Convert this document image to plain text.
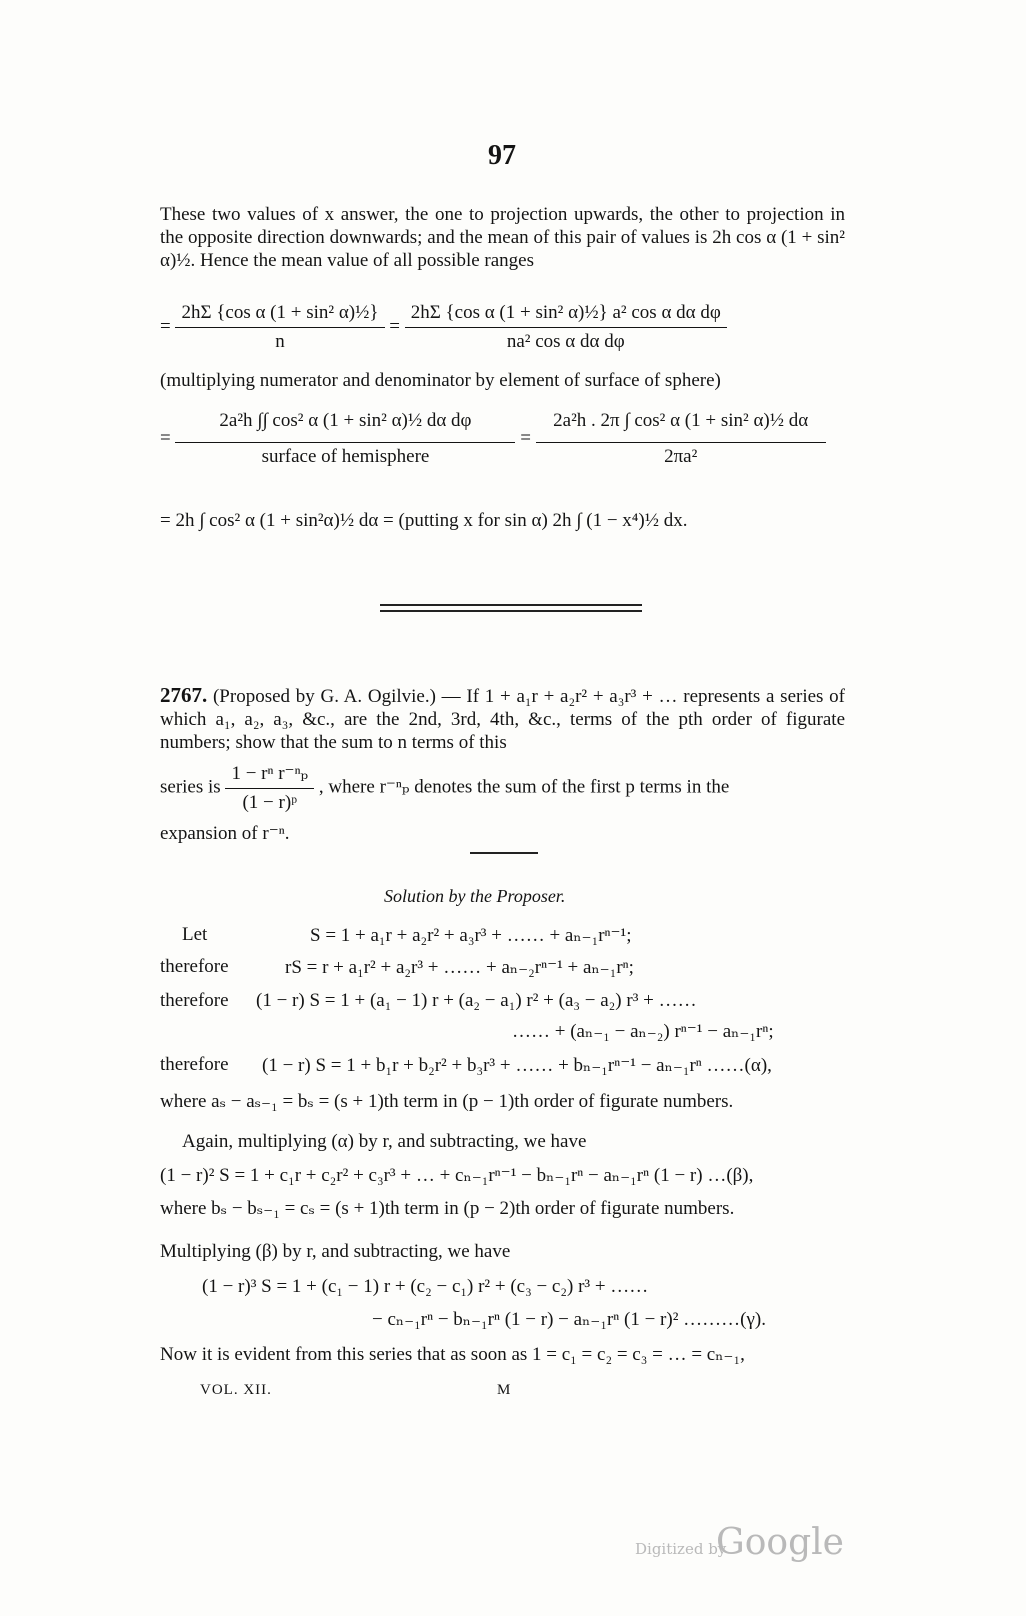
97
These two values of x answer, the one to projection upwards, the other to projection in the opposite direction downwards; and the mean of this pair of values is 2h cos α (1 + sin² α)½. Hence the mean value of all possible ranges
= $\frac{\text{2hΣ \{cos α (1 + sin² α)½\}}}{n} = \frac{\text{2hΣ \{cos α (1 + sin² α)½\} a² cos α dα dφ}}{\text{na² cos α dα dφ}}$
(multiplying numerator and denominator by element of surface of sphere)
= $\frac{\text{2a²h ∫∫ cos² α (1 + sin² α)½ dα dφ}}{\text{surface of hemisphere}} = \frac{\text{2a²h . 2π ∫ cos² α (1 + sin² α)½ dα}}{\text{2πa²}}$
= 2h ∫ cos² α (1 + sin²α)½ dα = (putting x for sin α) 2h ∫ (1 − x⁴)½ dx.
2767. (Proposed by G. A. Ogilvie.) — If 1 + a₁r + a₂r² + a₃r³ + … represents a series of which a₁, a₂, a₃, &c., are the 2nd, 3rd, 4th, &c., terms of the pth order of figurate numbers; show that the sum to n terms of this
series is $\frac{\text{1 − rⁿ r⁻ⁿₚ}}{\text{(1 − r)ᵖ}}$ , where r⁻ⁿₚ denotes the sum of the first p terms in the
expansion of r⁻ⁿ.
Solution by the Proposer.
Let	S = 1 + a₁r + a₂r² + a₃r³ + …… + aₙ₋₁rⁿ⁻¹;
therefore	rS = r + a₁r² + a₂r³ + …… + aₙ₋₂rⁿ⁻¹ + aₙ₋₁rⁿ;
therefore (1 − r) S = 1 + (a₁ − 1) r + (a₂ − a₁) r² + (a₃ − a₂) r³ + ……
…… + (aₙ₋₁ − aₙ₋₂) rⁿ⁻¹ − aₙ₋₁rⁿ;
therefore (1 − r) S = 1 + b₁r + b₂r² + b₃r³ + …… + bₙ₋₁rⁿ⁻¹ − aₙ₋₁rⁿ ……(α),
where aₛ − aₛ₋₁ = bₛ = (s + 1)th term in (p − 1)th order of figurate numbers.
Again, multiplying (α) by r, and subtracting, we have
(1 − r)² S = 1 + c₁r + c₂r² + c₃r³ + … + cₙ₋₁rⁿ⁻¹ − bₙ₋₁rⁿ − aₙ₋₁rⁿ (1 − r) …(β),
where bₛ − bₛ₋₁ = cₛ = (s + 1)th term in (p − 2)th order of figurate numbers.
Multiplying (β) by r, and subtracting, we have
(1 − r)³ S = 1 + (c₁ − 1) r + (c₂ − c₁) r² + (c₃ − c₂) r³ + ……
− cₙ₋₁rⁿ − bₙ₋₁rⁿ (1 − r) − aₙ₋₁rⁿ (1 − r)² ………(γ).
Now it is evident from this series that as soon as 1 = c₁ = c₂ = c₃ = … = cₙ₋₁,
VOL. XII.	M
Digitized by
Google
